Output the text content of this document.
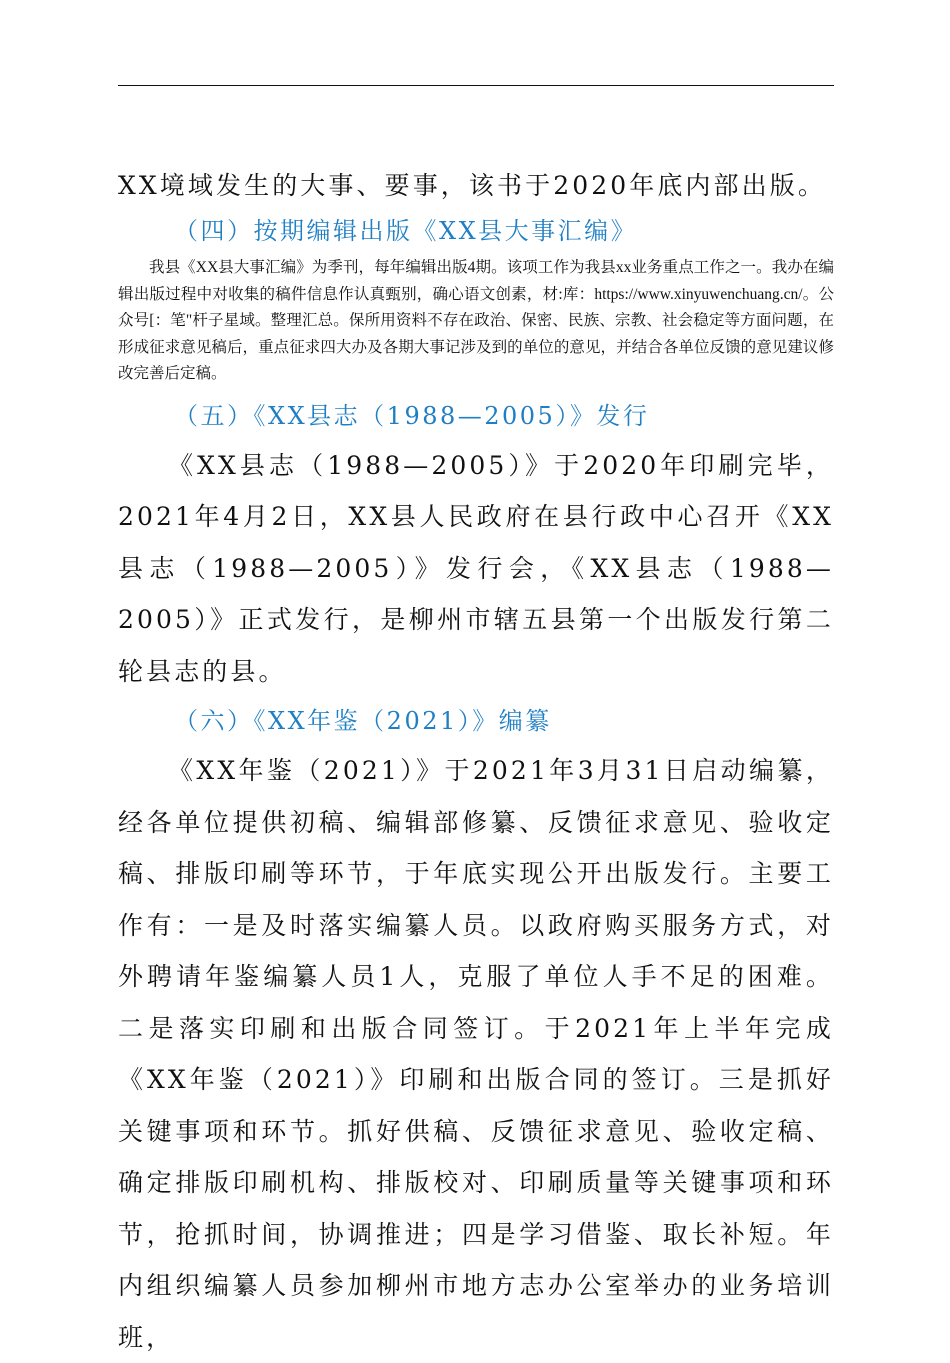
XX境域发生的大事、要事，该书于2020年底内部出版。
（四）按期编辑出版《XX县大事汇编》

我县《XX县大事汇编》为季刊，每年编辑出版4期。该项工作为我县xx业务重点工作之一。我办在编辑出版过程中对收集的稿件信息作认真甄别，确心语文创素，材:库：https://www.xinyuwenchuang.cn/。公众号[：笔"杆子星域。整理汇总。保所用资料不存在政治、保密、民族、宗教、社会稳定等方面问题，在形成征求意见稿后，重点征求四大办及各期大事记涉及到的单位的意见，并结合各单位反馈的意见建议修改完善后定稿。

（五）《XX县志（1988—2005）》发行
《XX县志（1988—2005）》于2020年印刷完毕，2021年4月2日，XX县人民政府在县行政中心召开《XX县志（1988—2005）》发行会，《XX县志（1988—2005）》正式发行，是柳州市辖五县第一个出版发行第二轮县志的县。
（六）《XX年鉴（2021）》编纂
《XX年鉴（2021）》于2021年3月31日启动编纂，经各单位提供初稿、编辑部修纂、反馈征求意见、验收定稿、排版印刷等环节，于年底实现公开出版发行。主要工作有：一是及时落实编纂人员。以政府购买服务方式，对外聘请年鉴编纂人员1人，克服了单位人手不足的困难。二是落实印刷和出版合同签订。于2021年上半年完成《XX年鉴（2021）》印刷和出版合同的签订。三是抓好关键事项和环节。抓好供稿、反馈征求意见、验收定稿、确定排版印刷机构、排版校对、印刷质量等关键事项和环节，抢抓时间，协调推进；四是学习借鉴、取长补短。年内组织编纂人员参加柳州市地方志办公室举办的业务培训班，
